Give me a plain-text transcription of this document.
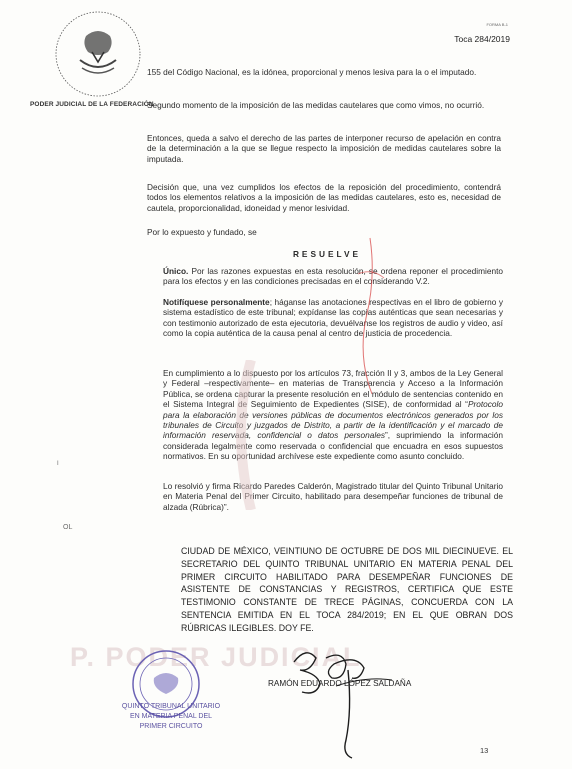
PODER JUDICIAL DE LA FEDERACIÓN
FORMA B-1
Toca 284/2019
155 del Código Nacional, es la idónea, proporcional y menos lesiva para la o el imputado.
Segundo momento de la imposición de las medidas cautelares que como vimos, no ocurrió.
Entonces, queda a salvo el derecho de las partes de interponer recurso de apelación en contra de la determinación a la que se llegue respecto la imposición de medidas cautelares sobre la imputada.
Decisión que, una vez cumplidos los efectos de la reposición del procedimiento, contendrá todos los elementos relativos a la imposición de las medidas cautelares, esto es, necesidad de cautela, proporcionalidad, idoneidad y menor lesividad.
Por lo expuesto y fundado, se
RESUELVE
Único. Por las razones expuestas en esta resolución, se ordena reponer el procedimiento para los efectos y en las condiciones precisadas en el considerando V.2.
Notifíquese personalmente; háganse las anotaciones respectivas en el libro de gobierno y sistema estadístico de este tribunal; expídanse las copias auténticas que sean necesarias y con testimonio autorizado de esta ejecutoria, devuélvanse los registros de audio y video, así como la copia auténtica de la causa penal al centro de justicia de procedencia.
En cumplimiento a lo dispuesto por los artículos 73, fracción II y 3, ambos de la Ley General y Federal –respectivamente– en materias de Transparencia y Acceso a la Información Pública, se ordena capturar la presente resolución en el módulo de sentencias contenido en el Sistema Integral de Seguimiento de Expedientes (SISE), de conformidad al “Protocolo para la elaboración de versiones públicas de documentos electrónicos generados por los tribunales de Circuito y juzgados de Distrito, a partir de la identificación y el marcado de información reservada, confidencial o datos personales”, suprimiendo la información considerada legalmente como reservada o confidencial que encuadra en esos supuestos normativos. En su oportunidad archívese este expediente como asunto concluido.
Lo resolvió y firma Ricardo Paredes Calderón, Magistrado titular del Quinto Tribunal Unitario en Materia Penal del Primer Circuito, habilitado para desempeñar funciones de tribunal de alzada (Rúbrica)”.
CIUDAD DE MÉXICO, VEINTIUNO DE OCTUBRE DE DOS MIL DIECINUEVE. EL SECRETARIO DEL QUINTO TRIBUNAL UNITARIO EN MATERIA PENAL DEL PRIMER CIRCUITO HABILITADO PARA DESEMPEÑAR FUNCIONES DE ASISTENTE DE CONSTANCIAS Y REGISTROS, CERTIFICA QUE ESTE TESTIMONIO CONSTANTE DE TRECE PÁGINAS, CONCUERDA CON LA SENTENCIA EMITIDA EN EL TOCA 284/2019; EN EL QUE OBRAN DOS RÚBRICAS ILEGIBLES. DOY FE.
P. PODER JUDICIAL
QUINTO TRIBUNAL UNITARIO
EN MATERIA PENAL DEL
PRIMER CIRCUITO
RAMÓN EDUARDO LÓPEZ SALDAÑA
I
OL
13
